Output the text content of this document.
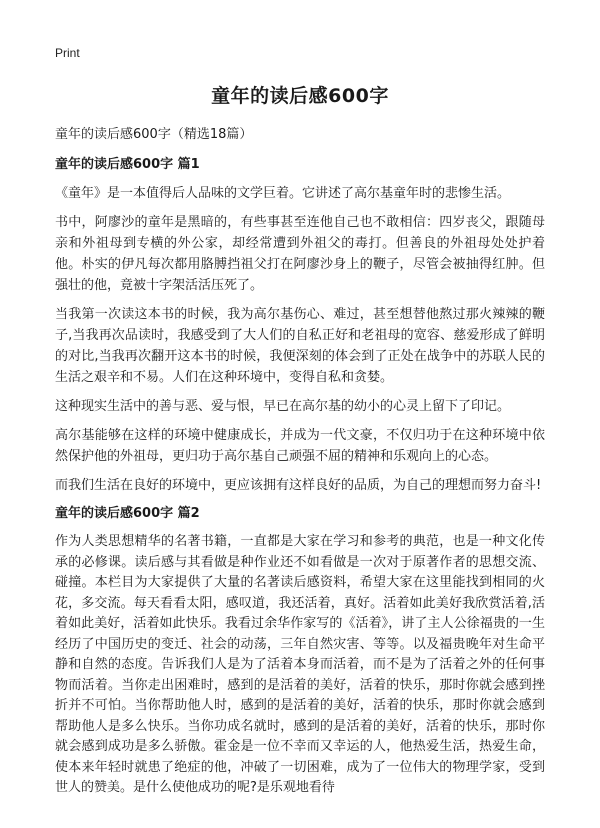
Print
童年的读后感600字
童年的读后感600字（精选18篇）
童年的读后感600字 篇1

《童年》是一本值得后人品味的文学巨着。它讲述了高尔基童年时的悲惨生活。

书中，阿廖沙的童年是黑暗的，有些事甚至连他自己也不敢相信：四岁丧父，跟随母亲和外祖母到专横的外公家，却经常遭到外祖父的毒打。但善良的外祖母处处护着他。朴实的伊凡每次都用胳膊挡祖父打在阿廖沙身上的鞭子，尽管会被抽得红肿。但强壮的他，竟被十字架活活压死了。

当我第一次读这本书的时候，我为高尔基伤心、难过，甚至想替他熬过那火辣辣的鞭子,当我再次品读时，我感受到了大人们的自私正好和老祖母的宽容、慈爱形成了鲜明的对比,当我再次翻开这本书的时候，我便深刻的体会到了正处在战争中的苏联人民的生活之艰辛和不易。人们在这种环境中，变得自私和贪婪。

这种现实生活中的善与恶、爱与恨，早已在高尔基的幼小的心灵上留下了印记。

高尔基能够在这样的环境中健康成长，并成为一代文豪，不仅归功于在这种环境中依然保护他的外祖母，更归功于高尔基自己顽强不屈的精神和乐观向上的心态。

而我们生活在良好的环境中，更应该拥有这样良好的品质，为自己的理想而努力奋斗!

童年的读后感600字 篇2

作为人类思想精华的名著书籍，一直都是大家在学习和参考的典范，也是一种文化传承的必修课。读后感与其看做是种作业还不如看做是一次对于原著作者的思想交流、碰撞。本栏目为大家提供了大量的名著读后感资料，希望大家在这里能找到相同的火花，多交流。每天看看太阳，感叹道，我还活着，真好。活着如此美好我欣赏活着,活着如此美好，活着如此快乐。我看过余华作家写的《活着》，讲了主人公徐福贵的一生经历了中国历史的变迁、社会的动荡，三年自然灾害、等等。以及福贵晚年对生命平静和自然的态度。告诉我们人是为了活着本身而活着，而不是为了活着之外的任何事物而活着。当你走出困难时，感到的是活着的美好，活着的快乐，那时你就会感到挫折并不可怕。当你帮助他人时，感到的是活着的美好，活着的快乐，那时你就会感到帮助他人是多么快乐。当你功成名就时，感到的是活着的美好，活着的快乐，那时你就会感到成功是多么骄傲。霍金是一位不幸而又幸运的人，他热爱生活，热爱生命，使本来年轻时就患了绝症的他，冲破了一切困难，成为了一位伟大的物理学家，受到世人的赞美。是什么使他成功的呢?是乐观地看待
